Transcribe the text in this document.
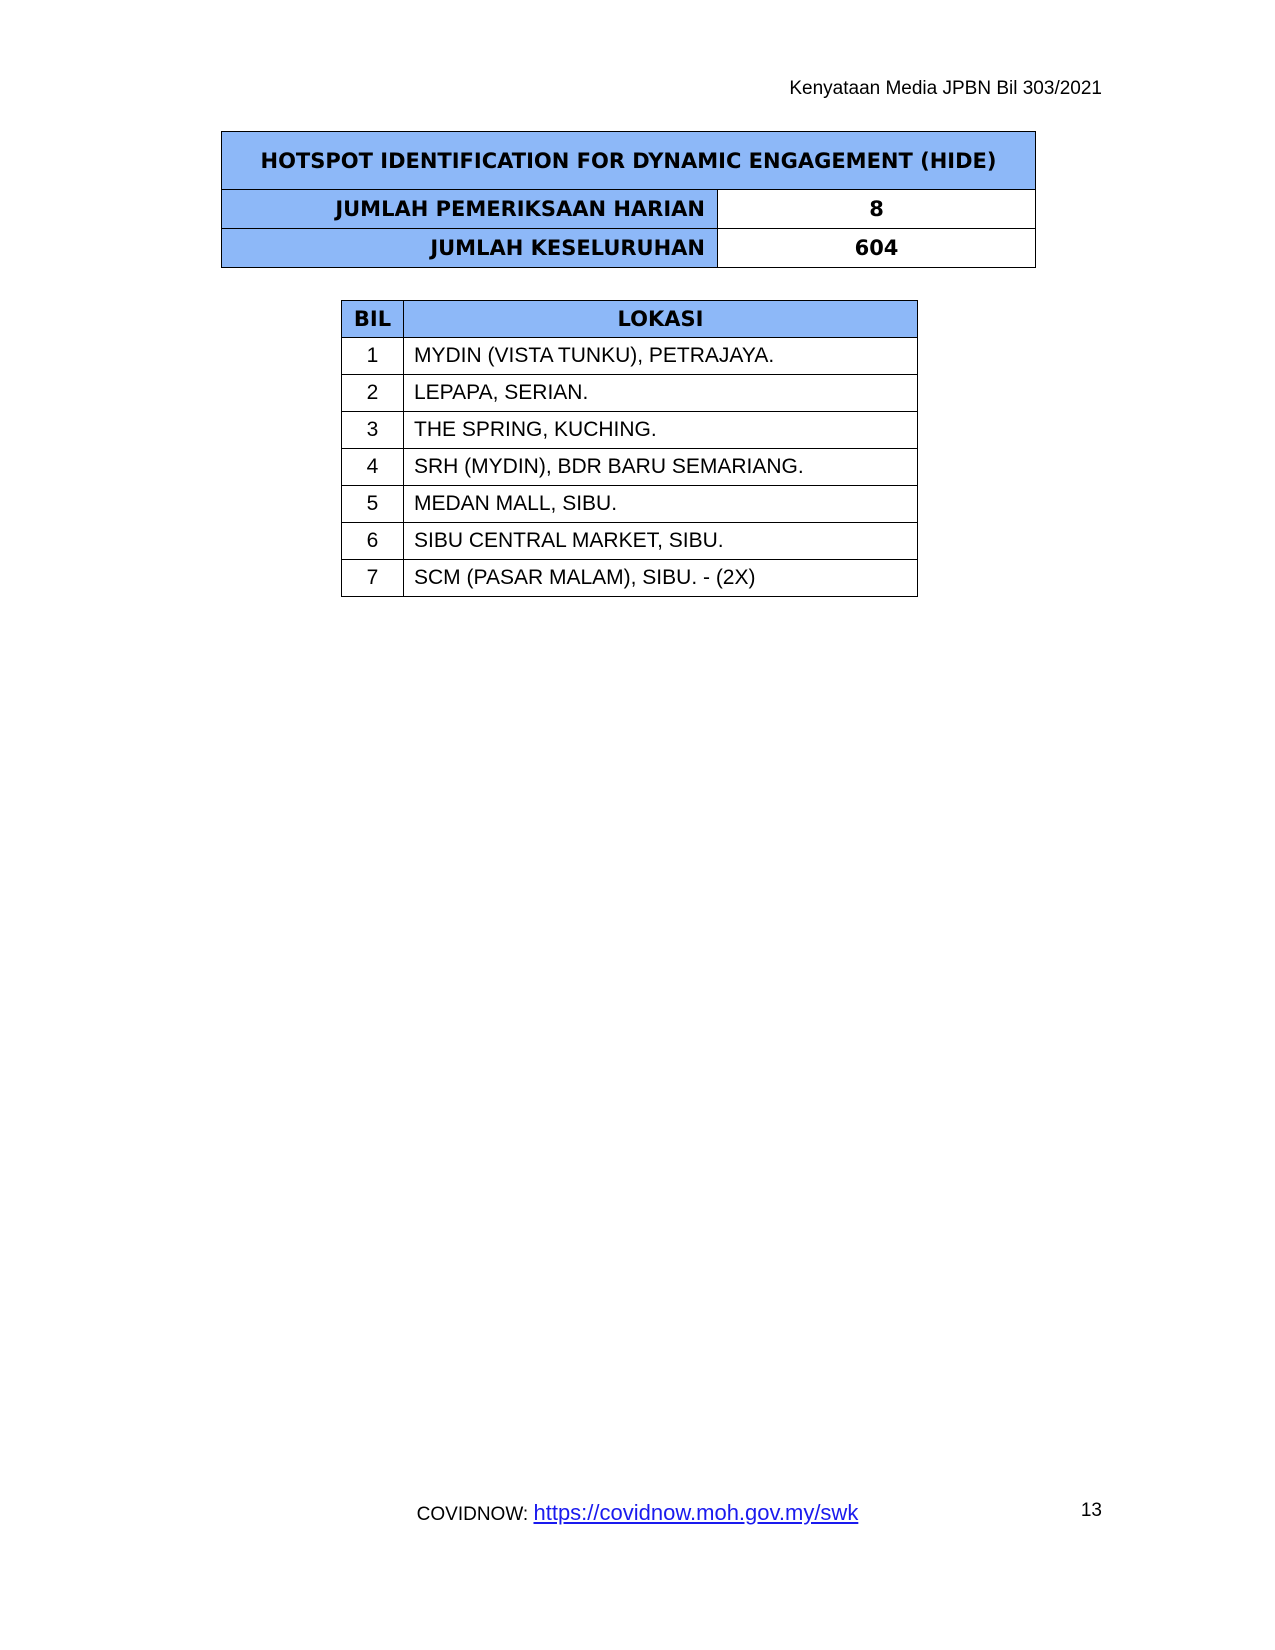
Kenyataan Media JPBN Bil 303/2021
HOTSPOT IDENTIFICATION FOR DYNAMIC ENGAGEMENT (HIDE)	
JUMLAH PEMERIKSAAN HARIAN	8
JUMLAH KESELURUHAN	604
BIL	LOKASI
1	MYDIN (VISTA TUNKU), PETRAJAYA.
2	LEPAPA, SERIAN.
3	THE SPRING, KUCHING.
4	SRH (MYDIN), BDR BARU SEMARIANG.
5	MEDAN MALL, SIBU.
6	SIBU CENTRAL MARKET, SIBU.
7	SCM (PASAR MALAM), SIBU. - (2X)
COVIDNOW: https://covidnow.moh.gov.my/swk	13
